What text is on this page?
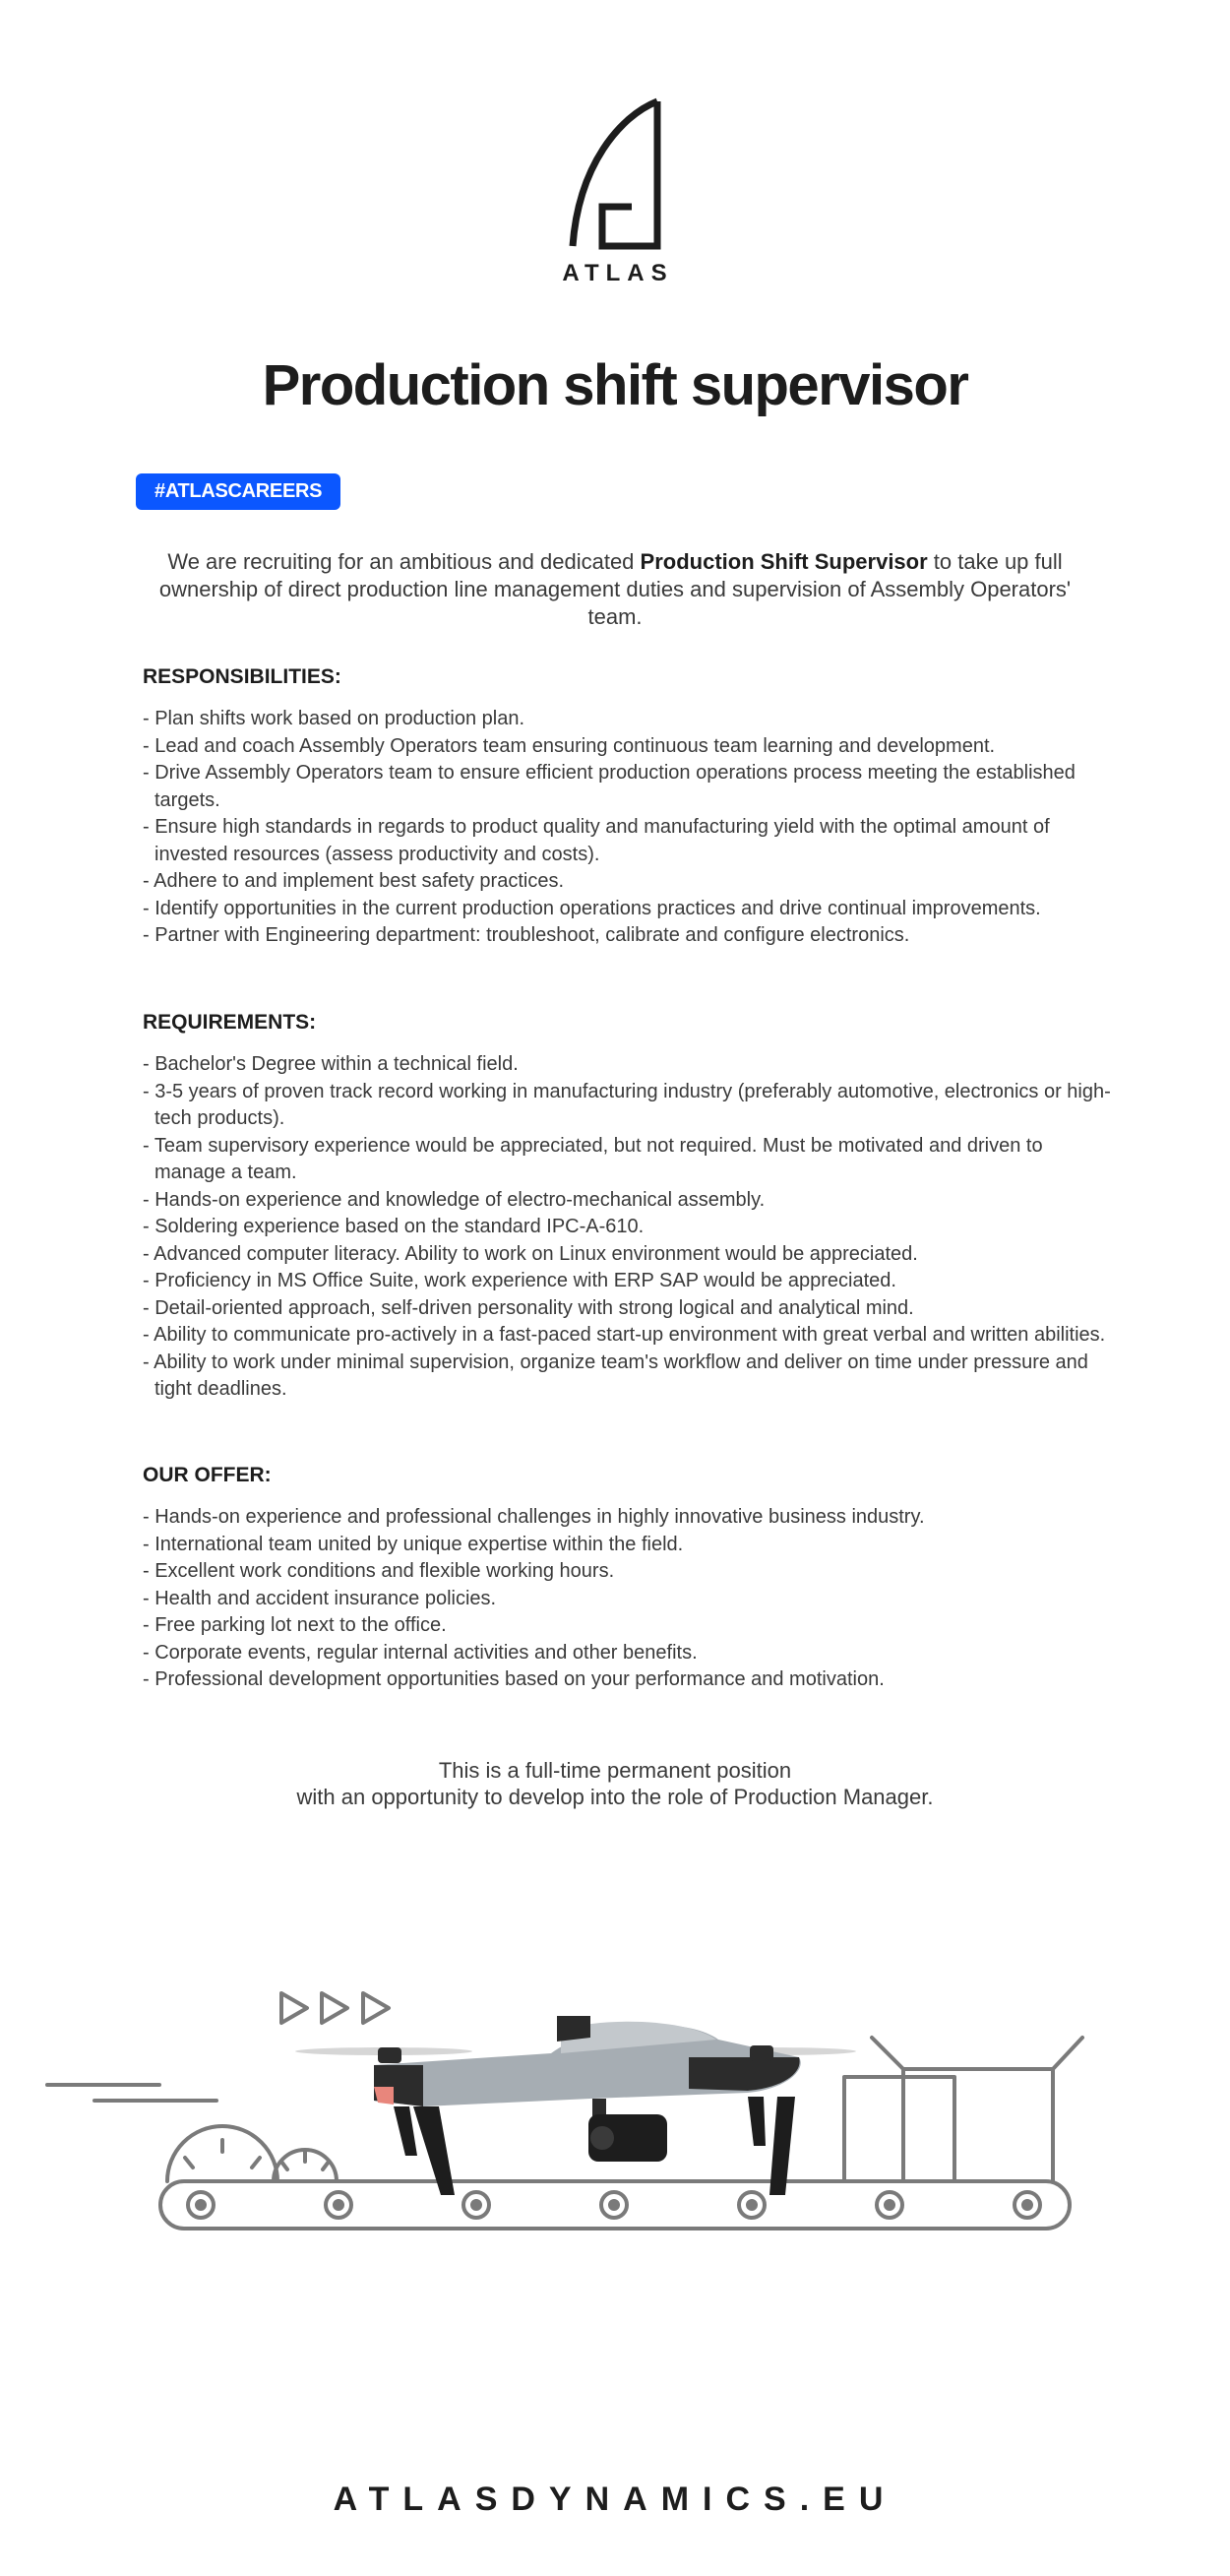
ATLAS
Production shift supervisor
#ATLASCAREERS

We are recruiting for an ambitious and dedicated Production Shift Supervisor to take up full ownership of direct production line management duties and supervision of Assembly Operators' team.

RESPONSIBILITIES:
- Plan shifts work based on production plan.
- Lead and coach Assembly Operators team ensuring continuous team learning and development.
- Drive Assembly Operators team to ensure efficient production operations process meeting the established targets.
- Ensure high standards in regards to product quality and manufacturing yield with the optimal amount of invested resources (assess productivity and costs).
- Adhere to and implement best safety practices.
- Identify opportunities in the current production operations practices and drive continual improvements.
- Partner with Engineering department: troubleshoot, calibrate and configure electronics.
REQUIREMENTS:
- Bachelor's Degree within a technical field.
- 3-5 years of proven track record working in manufacturing industry (preferably automotive, electronics or high-tech products).
- Team supervisory experience would be appreciated, but not required. Must be motivated and driven to manage a team.
- Hands-on experience and knowledge of electro-mechanical assembly.
- Soldering experience based on the standard IPC-A-610.
- Advanced computer literacy. Ability to work on Linux environment would be appreciated.
- Proficiency in MS Office Suite, work experience with ERP SAP would be appreciated.
- Detail-oriented approach, self-driven personality with strong logical and analytical mind.
- Ability to communicate pro-actively in a fast-paced start-up environment with great verbal and written abilities.
- Ability to work under minimal supervision, organize team's workflow and deliver on time under pressure and tight deadlines.
OUR OFFER:
- Hands-on experience and professional challenges in highly innovative business industry.
- International team united by unique expertise within the field.
- Excellent work conditions and flexible working hours.
- Health and accident insurance policies.
- Free parking lot next to the office.
- Corporate events, regular internal activities and other benefits.
- Professional development opportunities based on your performance and motivation.
This is a full-time permanent position
with an opportunity to develop into the role of Production Manager.
ATLASDYNAMICS.EU
